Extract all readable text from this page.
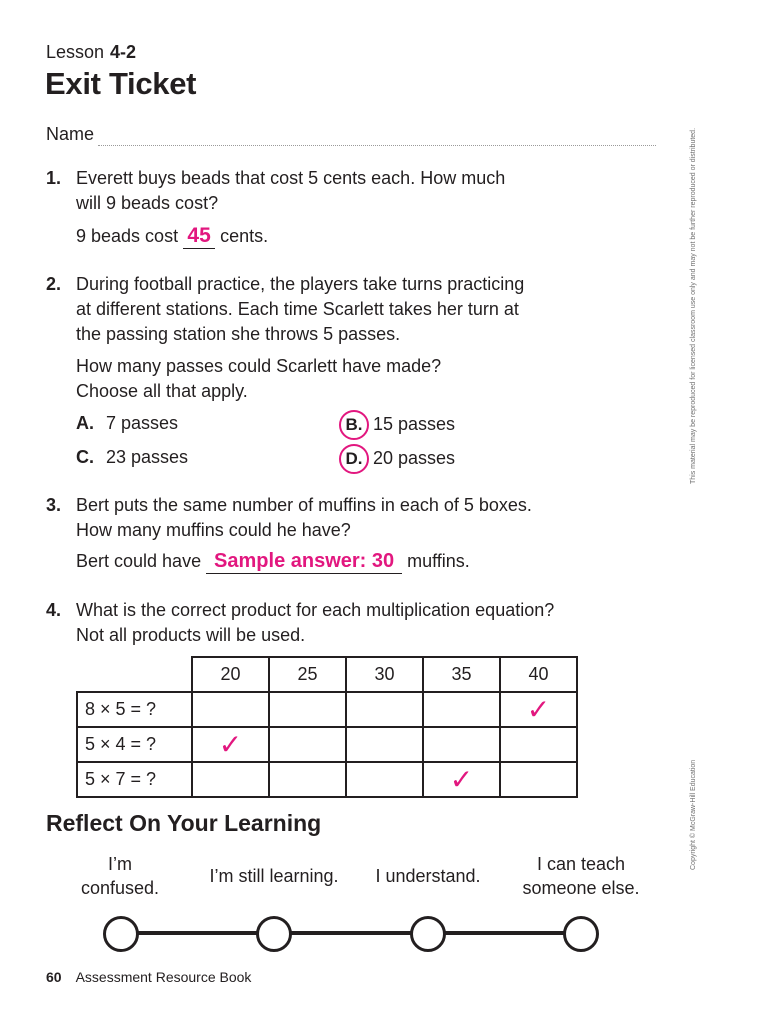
Lesson 4-2
Exit Ticket
Name
1. Everett buys beads that cost 5 cents each. How much
will 9 beads cost?
9 beads cost 45 cents.
2. During football practice, the players take turns practicing
at different stations. Each time Scarlett takes her turn at
the passing station she throws 5 passes.
How many passes could Scarlett have made?
Choose all that apply.
A. 7 passes	B. 15 passes
C. 23 passes	D. 20 passes
3. Bert puts the same number of muffins in each of 5 boxes.
How many muffins could he have?
Bert could have Sample answer: 30 muffins.
4. What is the correct product for each multiplication equation?
Not all products will be used.
	20	25	30	35	40
8 × 5 = ?					✓
5 × 4 = ?	✓				
5 × 7 = ?				✓	
Reflect On Your Learning
I’m
confused.
I’m still learning.	I understand.
I can teach
someone else.
60 Assessment Resource Book
This material may be reproduced for licensed classroom use only and may not be further reproduced or distributed.
Copyright © McGraw-Hill Education
